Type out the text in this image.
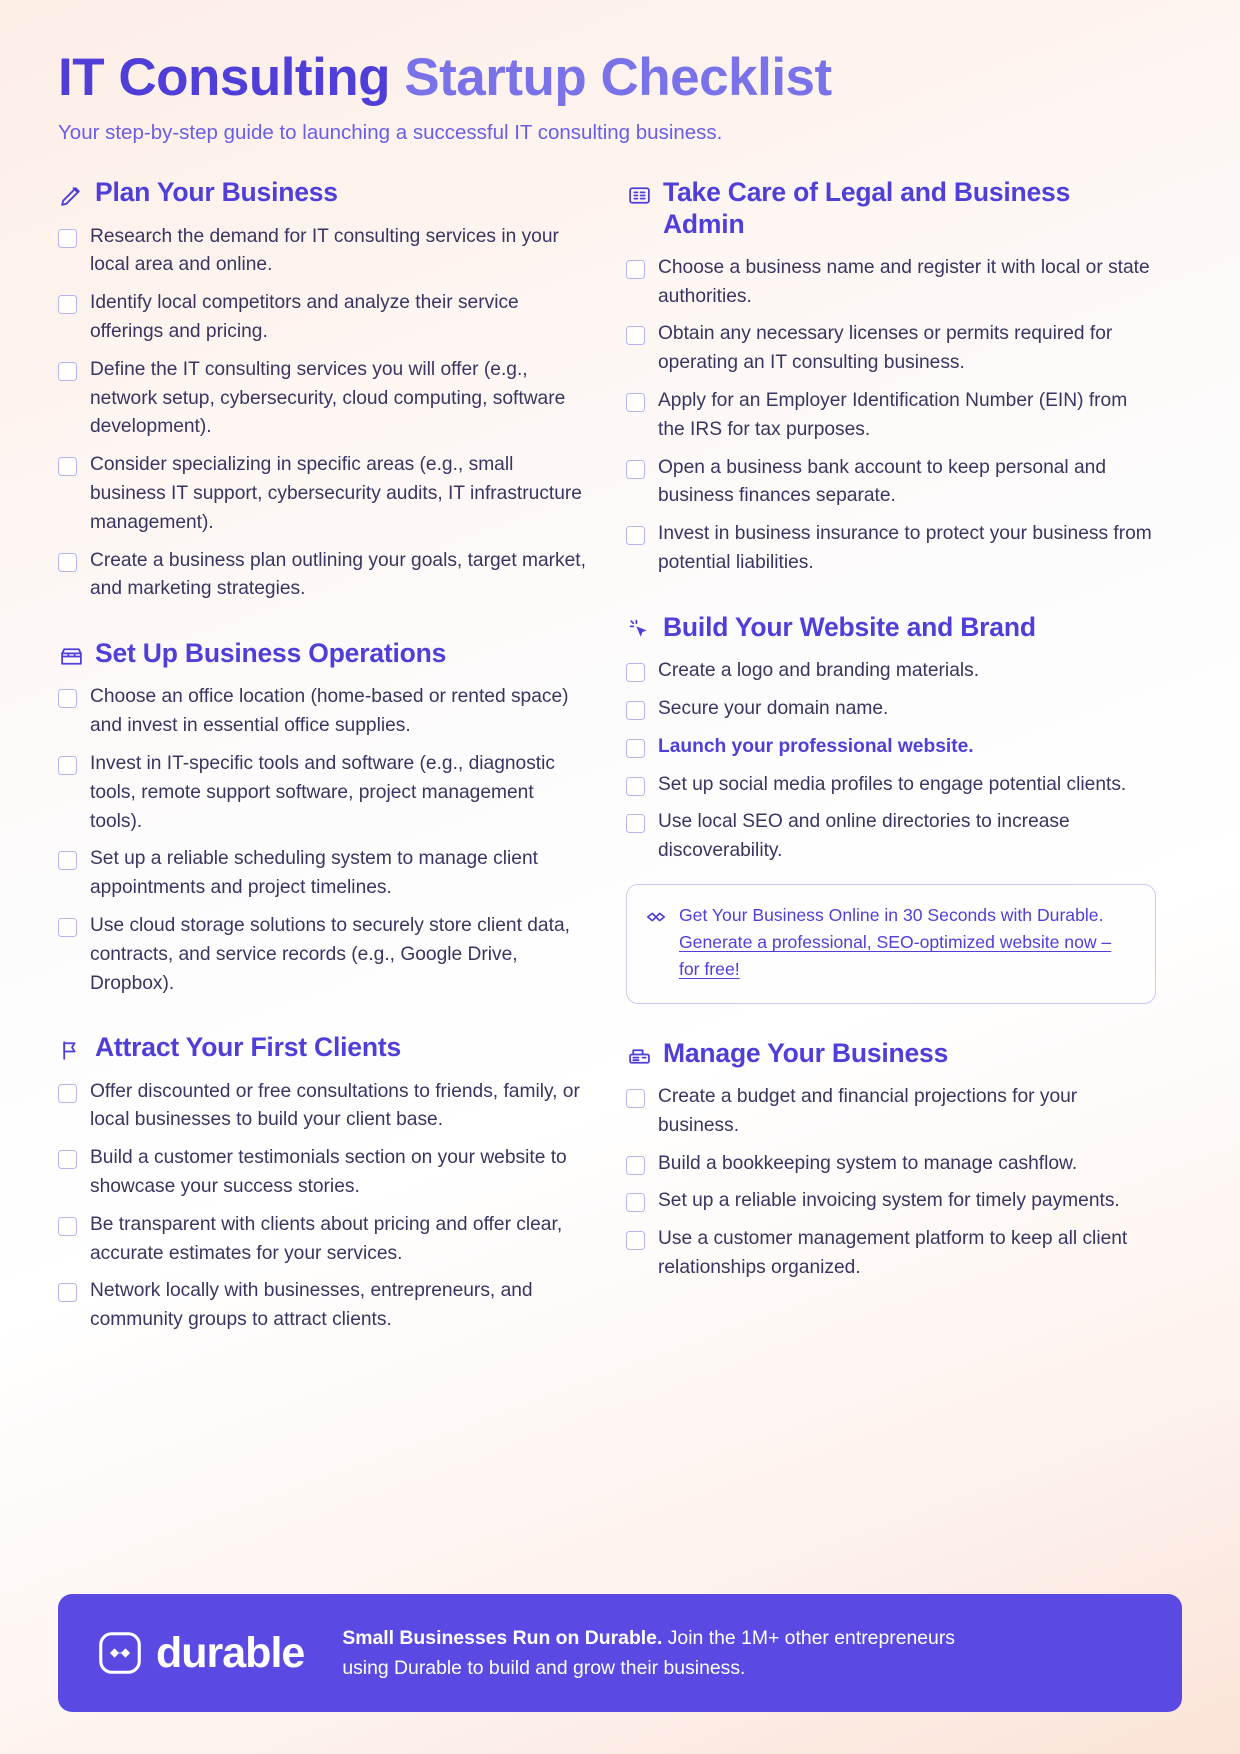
IT Consulting Startup Checklist

Your step-by-step guide to launching a successful IT consulting business.

Plan Your Business
Research the demand for IT consulting services in your local area and online.
Identify local competitors and analyze their service offerings and pricing.
Define the IT consulting services you will offer (e.g., network setup, cybersecurity, cloud computing, software development).
Consider specializing in specific areas (e.g., small business IT support, cybersecurity audits, IT infrastructure management).
Create a business plan outlining your goals, target market, and marketing strategies.
Set Up Business Operations
Choose an office location (home-based or rented space) and invest in essential office supplies.
Invest in IT-specific tools and software (e.g., diagnostic tools, remote support software, project management tools).
Set up a reliable scheduling system to manage client appointments and project timelines.
Use cloud storage solutions to securely store client data, contracts, and service records (e.g., Google Drive, Dropbox).
Attract Your First Clients
Offer discounted or free consultations to friends, family, or local businesses to build your client base.
Build a customer testimonials section on your website to showcase your success stories.
Be transparent with clients about pricing and offer clear, accurate estimates for your services.
Network locally with businesses, entrepreneurs, and community groups to attract clients.
Take Care of Legal and Business Admin
Choose a business name and register it with local or state authorities.
Obtain any necessary licenses or permits required for operating an IT consulting business.
Apply for an Employer Identification Number (EIN) from the IRS for tax purposes.
Open a business bank account to keep personal and business finances separate.
Invest in business insurance to protect your business from potential liabilities.
Build Your Website and Brand
Create a logo and branding materials.
Secure your domain name.
Launch your professional website.
Set up social media profiles to engage potential clients.
Use local SEO and online directories to increase discoverability.
Get Your Business Online in 30 Seconds with Durable. Generate a professional, SEO-optimized website now – for free!
Manage Your Business
Create a budget and financial projections for your business.
Build a bookkeeping system to manage cashflow.
Set up a reliable invoicing system for timely payments.
Use a customer management platform to keep all client relationships organized.
durable Small Businesses Run on Durable. Join the 1M+ other entrepreneurs using Durable to build and grow their business.
